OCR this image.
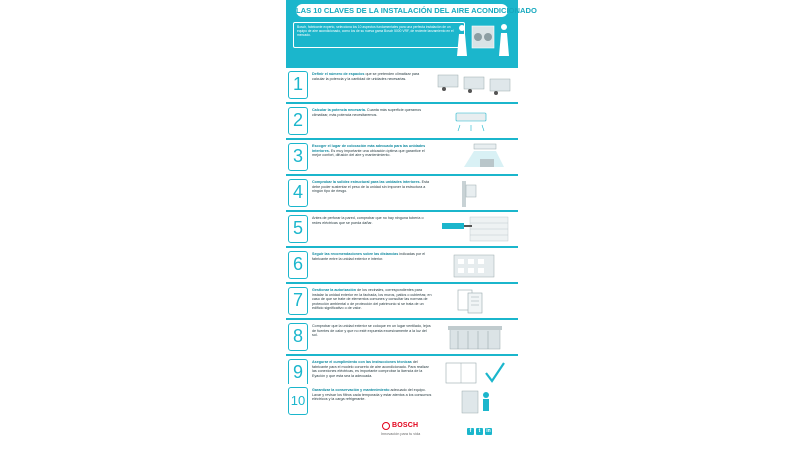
LAS 10 CLAVES DE LA INSTALACIÓN DEL AIRE ACONDICIONADO
Bosch, fabricante experto, selecciona los 10 aspectos fundamentales para una perfecta instalación de un equipo de aire acondicionado, como los de su nueva gama Bosch 5000 VRF, de reciente lanzamiento en el mercado.
1	Definir el número de espacios que se pretenden climatizar para calcular la potencia y la cantidad de unidades necesarias.
2	Calcular la potencia necesaria. Cuanta más superficie queramos climatizar, más potencia necesitaremos.
3	Escoger el lugar de colocación más adecuado para las unidades interiores. Es muy importante una ubicación óptima que garantice el mejor confort, difusión del aire y mantenimiento.
4	Comprobar la solidez estructural para las unidades interiores. Esta debe poder sustentar el peso de la unidad sin imponer la estructura a ningún tipo de riesgo.
5	Antes de perforar la pared, comprobar que no hay ninguna tubería o redes eléctricas que se pueda dañar.
6	Seguir las recomendaciones sobre las distancias indicadas por el fabricante entre la unidad exterior e interior.
7	Gestionar la autorización de los vecinales, correspondientes para instalar la unidad exterior en la fachada, los muros, patios o cubiertas; en caso de que se trate de elementos comunes y consultar las normas de protección ambiental o de protección del patrimonio si se trata de un edificio significativo o de valor.
8	Comprobar que la unidad exterior se coloque en un lugar ventilado, lejos de fuentes de calor y que no esté expuesta excesivamente a la luz del sol.
9	Asegurar el cumplimiento con las instrucciones técnicas del fabricante para el modelo concreto de aire acondicionado. Para realizar las conexiones eléctricas, es importante comprobar la licencia de la Eyación y que esta sea la adecuada.
10
Garantizar la conservación y mantenimiento adecuado del equipo. Lavar y revisar los filtros cada temporada y estar atentos a los consumos eléctricos y la carga refrigerante.
BOSCH
Innovación para tu vida	f	t	in
